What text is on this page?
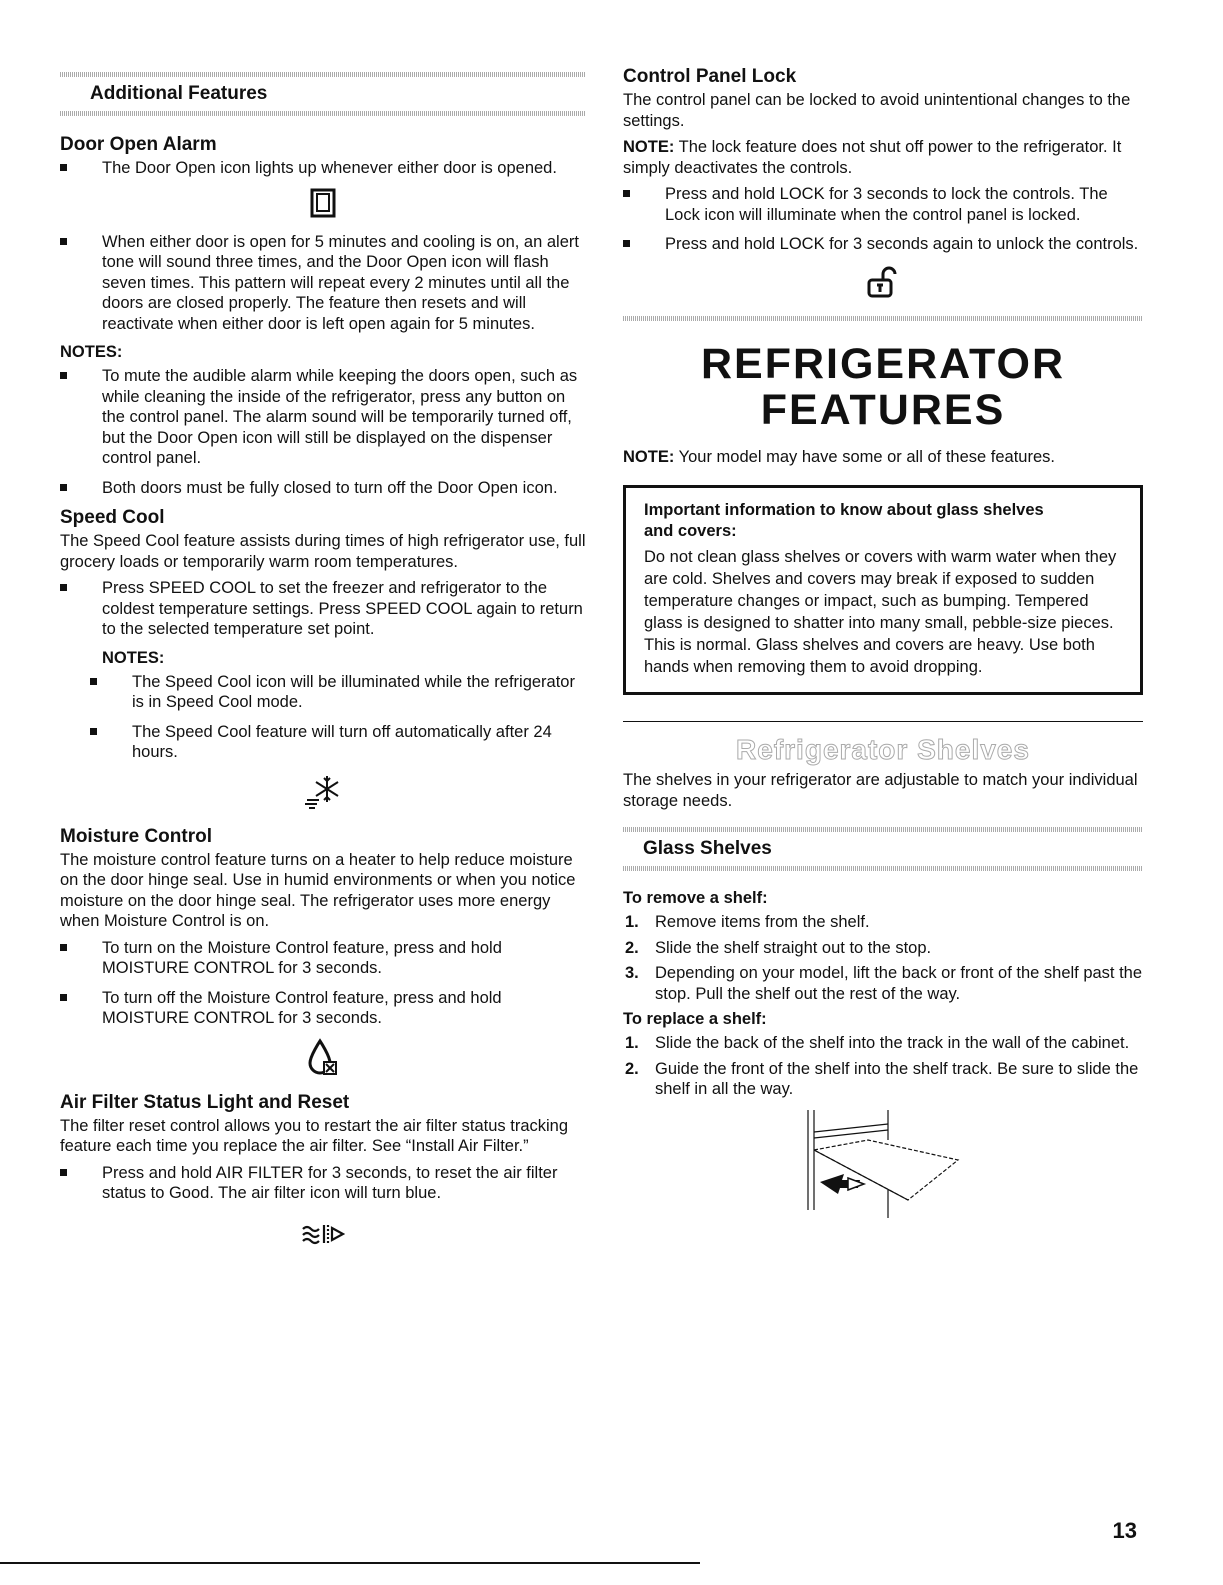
Additional Features
Door Open Alarm
The Door Open icon lights up whenever either door is opened.
When either door is open for 5 minutes and cooling is on, an alert tone will sound three times, and the Door Open icon will flash seven times. This pattern will repeat every 2 minutes until all the doors are closed properly. The feature then resets and will reactivate when either door is left open again for 5 minutes.
NOTES:
To mute the audible alarm while keeping the doors open, such as while cleaning the inside of the refrigerator, press any button on the control panel. The alarm sound will be temporarily turned off, but the Door Open icon will still be displayed on the dispenser control panel.
Both doors must be fully closed to turn off the Door Open icon.
Speed Cool
The Speed Cool feature assists during times of high refrigerator use, full grocery loads or temporarily warm room temperatures.
Press SPEED COOL to set the freezer and refrigerator to the coldest temperature settings. Press SPEED COOL again to return to the selected temperature set point.
NOTES:
The Speed Cool icon will be illuminated while the refrigerator is in Speed Cool mode.
The Speed Cool feature will turn off automatically after 24 hours.
Moisture Control
The moisture control feature turns on a heater to help reduce moisture on the door hinge seal. Use in humid environments or when you notice moisture on the door hinge seal. The refrigerator uses more energy when Moisture Control is on.
To turn on the Moisture Control feature, press and hold MOISTURE CONTROL for 3 seconds.
To turn off the Moisture Control feature, press and hold MOISTURE CONTROL for 3 seconds.
Air Filter Status Light and Reset
The filter reset control allows you to restart the air filter status tracking feature each time you replace the air filter. See “Install Air Filter.”
Press and hold AIR FILTER for 3 seconds, to reset the air filter status to Good. The air filter icon will turn blue.
Control Panel Lock
The control panel can be locked to avoid unintentional changes to the settings.
NOTE: The lock feature does not shut off power to the refrigerator. It simply deactivates the controls.
Press and hold LOCK for 3 seconds to lock the controls. The Lock icon will illuminate when the control panel is locked.
Press and hold LOCK for 3 seconds again to unlock the controls.
REFRIGERATOR
FEATURES
NOTE: Your model may have some or all of these features.
Important information to know about glass shelves
and covers:
Do not clean glass shelves or covers with warm water when they are cold. Shelves and covers may break if exposed to sudden temperature changes or impact, such as bumping. Tempered glass is designed to shatter into many small, pebble-size pieces. This is normal. Glass shelves and covers are heavy. Use both hands when removing them to avoid dropping.
Refrigerator Shelves
The shelves in your refrigerator are adjustable to match your individual storage needs.
Glass Shelves
To remove a shelf:
1. Remove items from the shelf.
2. Slide the shelf straight out to the stop.
3. Depending on your model, lift the back or front of the shelf past the stop. Pull the shelf out the rest of the way.
To replace a shelf:
1. Slide the back of the shelf into the track in the wall of the cabinet.
2. Guide the front of the shelf into the shelf track. Be sure to slide the shelf in all the way.
13
